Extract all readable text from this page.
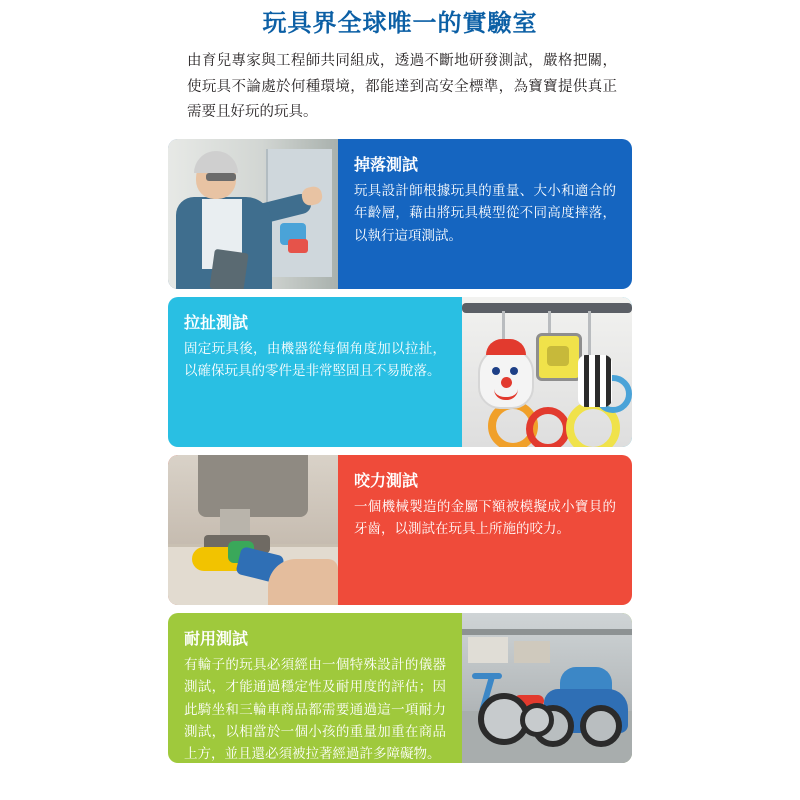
玩具界全球唯一的實驗室
由育兒專家與工程師共同組成，透過不斷地研發測試，嚴格把關，使玩具不論處於何種環境，都能達到高安全標準，為寶寶提供真正需要且好玩的玩具。
掉落測試

玩具設計師根據玩具的重量、大小和適合的年齡層，藉由將玩具模型從不同高度摔落，以執行這項測試。

拉扯測試

固定玩具後，由機器從每個角度加以拉扯，以確保玩具的零件是非常堅固且不易脫落。

咬力測試

一個機械製造的金屬下額被模擬成小寶貝的牙齒，以測試在玩具上所施的咬力。

耐用測試

有輪子的玩具必須經由一個特殊設計的儀器測試，才能通過穩定性及耐用度的評估；因此騎坐和三輪車商品都需要通過這一項耐力測試，以相當於一個小孩的重量加重在商品上方，並且還必須被拉著經過許多障礙物。
